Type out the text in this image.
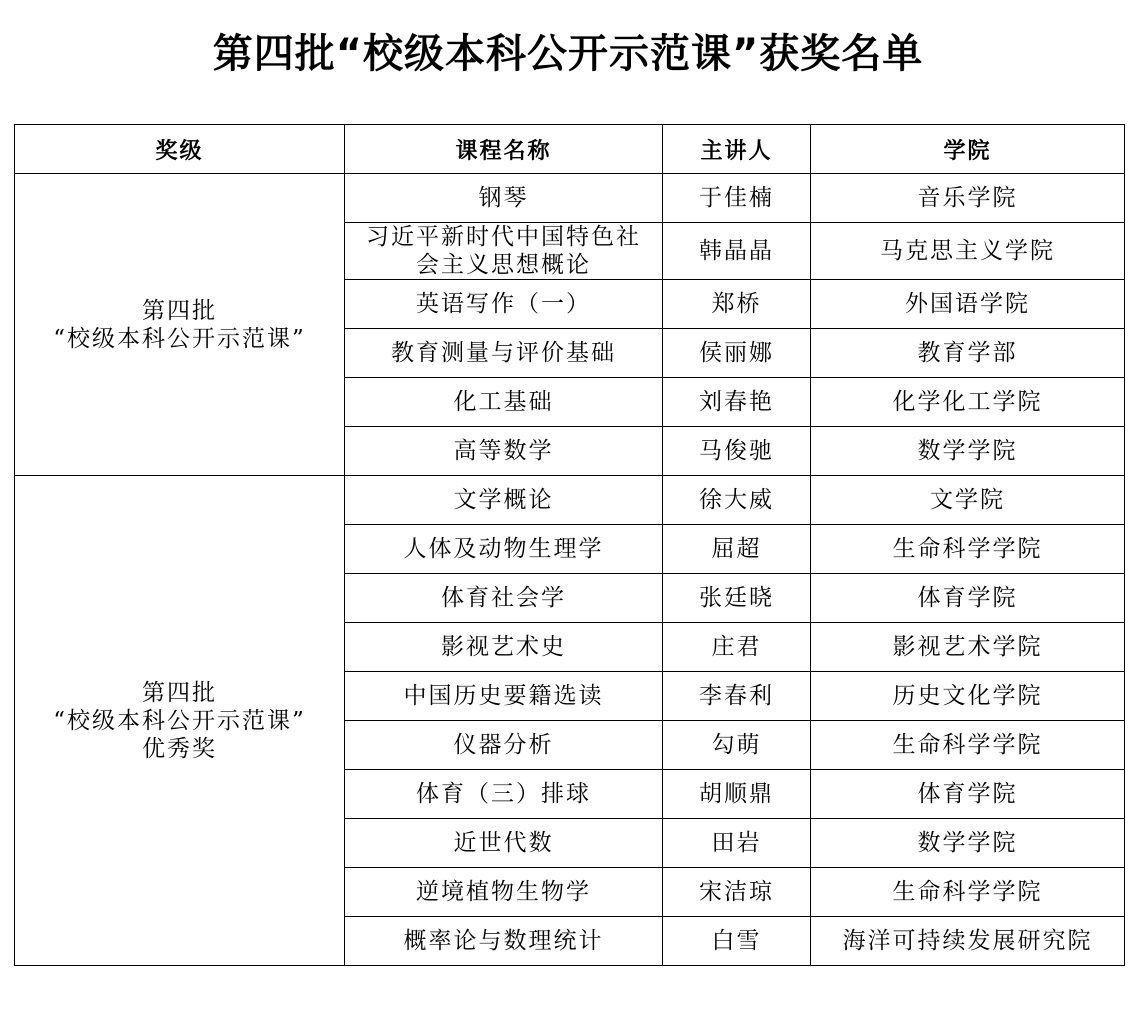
第四批“校级本科公开示范课”获奖名单
奖级	课程名称	主讲人	学院

第四批
“校级本科公开示范课”	钢琴	于佳楠	音乐学院
	习近平新时代中国特色社会主义思想概论	韩晶晶	马克思主义学院
	英语写作（一）	郑桥	外国语学院
	教育测量与评价基础	侯丽娜	教育学部
	化工基础	刘春艳	化学化工学院
	高等数学	马俊驰	数学学院

第四批
“校级本科公开示范课”
优秀奖	文学概论	徐大威	文学院
	人体及动物生理学	屈超	生命科学学院
	体育社会学	张廷晓	体育学院
	影视艺术史	庄君	影视艺术学院
	中国历史要籍选读	李春利	历史文化学院
	仪器分析	勾萌	生命科学学院
	体育（三）排球	胡顺鼎	体育学院
	近世代数	田岩	数学学院
	逆境植物生物学	宋洁琼	生命科学学院
	概率论与数理统计	白雪	海洋可持续发展研究院
